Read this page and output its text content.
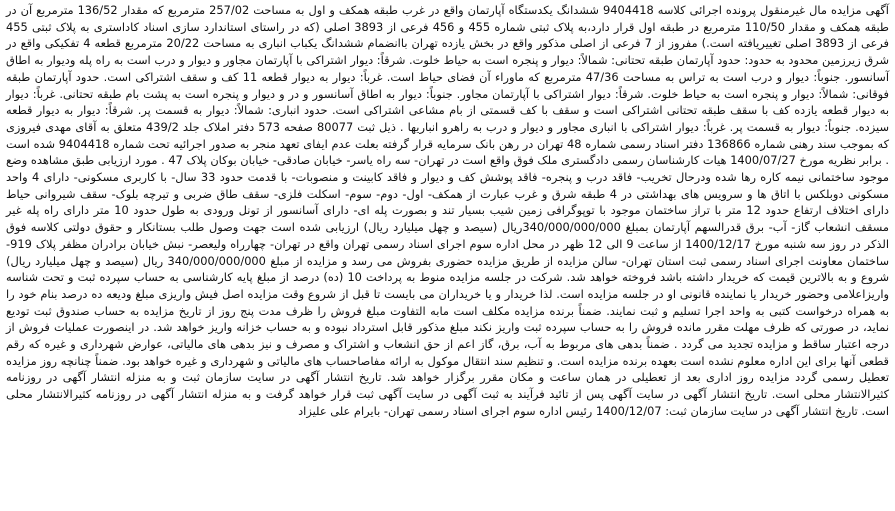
آگهی مزایده مال غیرمنقول پرونده اجرائی کلاسه 9404418 ششدانگ یکدستگاه آپارتمان واقع در غرب طبقه همکف و اول به مساحت 257/02 مترمربع که مقدار 136/52 مترمربع آن در طبقه همکف و مقدار 110/50 مترمربع در طبقه اول قرار دارد،به پلاک ثبتی شماره 455 و 456 فرعی از 3893 اصلی (که در راستای استاندارد سازی اسناد کاداستری به پلاک ثبتی 455 فرعی از 3893 اصلی تغییریافته است.) مفروز از 7 فرعی از اصلی مذکور واقع در بخش یازده تهران باانضمام ششدانگ یکباب انباری به مساحت 20/22 مترمربع قطعه 4 تفکیکی واقع در شرق زیرزمین محدود به حدود: حدود آپارتمان طبقه تحتانی: شمالاً: دیوار و پنجره است به حیاط خلوت. شرقاً: دیوار اشتراکی با آپارتمان مجاور و دیوار و درب است به راه پله ودیوار به اطاق آسانسور. جنوباً: دیوار و درب است به تراس به مساحت 47/36 مترمربع که ماوراء آن فضای حیاط است. غرباً: دیوار به دیوار قطعه 11 کف و سقف اشتراکی است. حدود آپارتمان طبقه فوقانی: شمالاً: دیوار و پنجره است به حیاط خلوت. شرقاً: دیوار اشتراکی با آپارتمان مجاور. جنوباً: دیوار به اطاق آسانسور و در و دیوار و پنجره است به پشت بام طبقه تحتانی. غرباً: دیوار به دیوار قطعه یازده کف با سقف طبقه تحتانی اشتراکی است و سقف با کف قسمتی از بام مشاعی اشتراکی است. حدود انباری: شمالاً: دیوار به قسمت پر. شرقاً: دیوار به دیوار قطعه سیزده. جنوباً: دیوار به قسمت پر. غرباً: دیوار اشتراکی با انباری مجاور و دیوار و درب به راهرو انباریها . ذیل ثبت 80077 صفحه 573 دفتر املاک جلد 439/2 متعلق به آقای مهدی فیروزی که بموجب سند رهنی شماره 136866 دفتر اسناد رسمی شماره 48 تهران در رهن بانک سرمایه قرار گرفته بعلت عدم ایفای تعهد منجر به صدور اجرائیه تحت شماره 9404418 شده است . برابر نظریه مورخ 1400/07/27 هیات کارشناسان رسمی دادگستری ملک فوق واقع است در تهران- سه راه یاسر- خیابان صادقی- خیابان بوکان پلاک 47 . مورد ارزیابی طبق مشاهده وضع موجود ساختمانی نیمه کاره رها شده ودرحال تخریب- فاقد درب و پنجره- فاقد پوشش کف و دیوار و فاقد کابینت و منصوبات- با قدمت حدود 33 سال- با کاربری مسکونی- دارای 4 واحد مسکونی دوبلکس با اتاق ها و سرویس های بهداشتی در 4 طبقه شرق و غرب عبارت از همکف- اول- دوم- سوم- اسکلت فلزی- سقف طاق ضربی و تیرچه بلوک- سقف شیروانی حیاط دارای اختلاف ارتفاع حدود 12 متر با تراز ساختمان موجود با توپوگرافی زمین شیب بسیار تند و بصورت پله ای- دارای آسانسور از تونل ورودی به طول حدود 10 متر دارای راه پله غیر مسقف انشعاب گاز- آب- برق قدرالسهم آپارتمان بمبلغ 340/000/000/000ریال (سیصد و چهل میلیارد ریال) ارزیابی شده است جهت وصول طلب بستانکار و حقوق دولتی کلاسه فوق الذکر در روز سه شنبه مورخ 1400/12/17 از ساعت 9 الی 12 ظهر در محل اداره سوم اجرای اسناد رسمی تهران واقع در تهران- چهارراه ولیعصر- نبش خیابان برادران مظفر پلاک 919- ساختمان معاونت اجرای اسناد رسمی ثبت استان تهران- سالن مزایده از طریق مزایده حضوری بفروش می رسد و مزایده از مبلغ 340/000/000/000 ریال (سیصد و چهل میلیارد ریال) شروع و به بالاترین قیمت که خریدار داشته باشد فروخته خواهد شد. شرکت در جلسه مزایده منوط به پرداخت 10 (ده) درصد از مبلغ پایه کارشناسی به حساب سپرده ثبت و تحت شناسه واریزاعلامی وحضور خریدار یا نماینده قانونی او در جلسه مزایده است. لذا خریدار و یا خریداران می بایست تا قبل از شروع وقت مزایده اصل فیش واریزی مبلغ ودیعه ده درصد بنام خود را به همراه درخواست کتبی به واحد اجرا تسلیم و ثبت نمایند. ضمناً برنده مزایده مکلف است مابه التفاوت مبلغ فروش را ظرف مدت پنج روز از تاریخ مزایده به حساب صندوق ثبت تودیع نماید، در صورتی که ظرف مهلت مقرر مانده فروش را به حساب سپرده ثبت واریز نکند مبلغ مذکور قابل استرداد نبوده و به حساب خزانه واریز خواهد شد. در اینصورت عملیات فروش از درجه اعتبار ساقط و مزایده تجدید می گردد . ضمناً بدهی های مربوط به آب، برق، گاز اعم از حق انشعاب و اشتراک و مصرف و نیز بدهی های مالیاتی، عوارض شهرداری و غیره که رقم قطعی آنها برای این اداره معلوم نشده است بعهده برنده مزایده است. و تنظیم سند انتقال موکول به ارائه مفاصاحساب های مالیاتی و شهرداری و غیره خواهد بود. ضمناً چنانچه روز مزایده تعطیل رسمی گردد مزایده روز اداری بعد از تعطیلی در همان ساعت و مکان مقرر برگزار خواهد شد. تاریخ انتشار آگهی در سایت سازمان ثبت و به منزله انتشار آگهی در روزنامه کثیرالانتشار محلی است. تاریخ انتشار آگهی در سایت آگهی پس از تائید فرآیند به ثبت آگهی در سایت آگهی ثبت قرار خواهد گرفت و به منزله انتشار آگهی در روزنامه کثیرالانتشار محلی است. تاریخ انتشار آگهی در سایت سازمان ثبت: 1400/12/07 رئیس اداره سوم اجرای اسناد رسمی تهران- بایرام علی علیزاد
